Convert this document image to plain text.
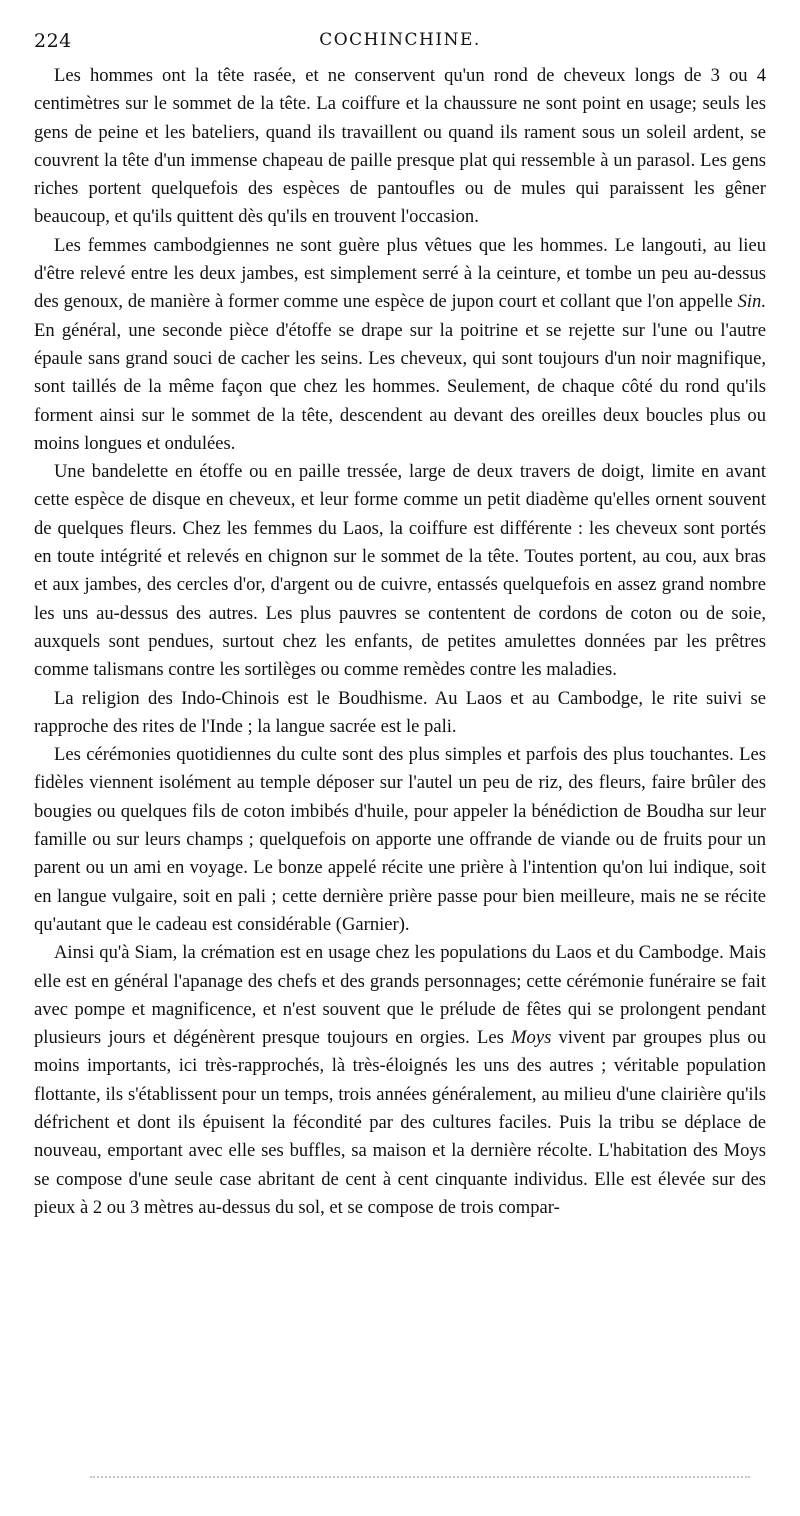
224	COCHINCHINE.

Les hommes ont la tête rasée, et ne conservent qu'un rond de cheveux longs de 3 ou 4 centimètres sur le sommet de la tête. La coiffure et la chaussure ne sont point en usage; seuls les gens de peine et les bateliers, quand ils travaillent ou quand ils rament sous un soleil ardent, se couvrent la tête d'un immense chapeau de paille presque plat qui ressemble à un parasol. Les gens riches portent quelquefois des espèces de pantoufles ou de mules qui paraissent les gêner beaucoup, et qu'ils quittent dès qu'ils en trouvent l'occasion.

Les femmes cambodgiennes ne sont guère plus vêtues que les hommes. Le langouti, au lieu d'être relevé entre les deux jambes, est simplement serré à la ceinture, et tombe un peu au-dessus des genoux, de manière à former comme une espèce de jupon court et collant que l'on appelle Sin. En général, une seconde pièce d'étoffe se drape sur la poitrine et se rejette sur l'une ou l'autre épaule sans grand souci de cacher les seins. Les cheveux, qui sont toujours d'un noir magnifique, sont taillés de la même façon que chez les hommes. Seulement, de chaque côté du rond qu'ils forment ainsi sur le sommet de la tête, descendent au devant des oreilles deux boucles plus ou moins longues et ondulées.

Une bandelette en étoffe ou en paille tressée, large de deux travers de doigt, limite en avant cette espèce de disque en cheveux, et leur forme comme un petit diadème qu'elles ornent souvent de quelques fleurs. Chez les femmes du Laos, la coiffure est différente : les cheveux sont portés en toute intégrité et relevés en chignon sur le sommet de la tête. Toutes portent, au cou, aux bras et aux jambes, des cercles d'or, d'argent ou de cuivre, entassés quelquefois en assez grand nombre les uns au-dessus des autres. Les plus pauvres se contentent de cordons de coton ou de soie, auxquels sont pendues, surtout chez les enfants, de petites amulettes données par les prêtres comme talismans contre les sortilèges ou comme remèdes contre les maladies.

La religion des Indo-Chinois est le Boudhisme. Au Laos et au Cambodge, le rite suivi se rapproche des rites de l'Inde ; la langue sacrée est le pali.

Les cérémonies quotidiennes du culte sont des plus simples et parfois des plus touchantes. Les fidèles viennent isolément au temple déposer sur l'autel un peu de riz, des fleurs, faire brûler des bougies ou quelques fils de coton imbibés d'huile, pour appeler la bénédiction de Boudha sur leur famille ou sur leurs champs ; quelquefois on apporte une offrande de viande ou de fruits pour un parent ou un ami en voyage. Le bonze appelé récite une prière à l'intention qu'on lui indique, soit en langue vulgaire, soit en pali ; cette dernière prière passe pour bien meilleure, mais ne se récite qu'autant que le cadeau est considérable (Garnier).

Ainsi qu'à Siam, la crémation est en usage chez les populations du Laos et du Cambodge. Mais elle est en général l'apanage des chefs et des grands personnages; cette cérémonie funéraire se fait avec pompe et magnificence, et n'est souvent que le prélude de fêtes qui se prolongent pendant plusieurs jours et dégénèrent presque toujours en orgies. Les Moys vivent par groupes plus ou moins importants, ici très-rapprochés, là très-éloignés les uns des autres ; véritable population flottante, ils s'établissent pour un temps, trois années généralement, au milieu d'une clairière qu'ils défrichent et dont ils épuisent la fécondité par des cultures faciles. Puis la tribu se déplace de nouveau, emportant avec elle ses buffles, sa maison et la dernière récolte. L'habitation des Moys se compose d'une seule case abritant de cent à cent cinquante individus. Elle est élevée sur des pieux à 2 ou 3 mètres au-dessus du sol, et se compose de trois compar-
